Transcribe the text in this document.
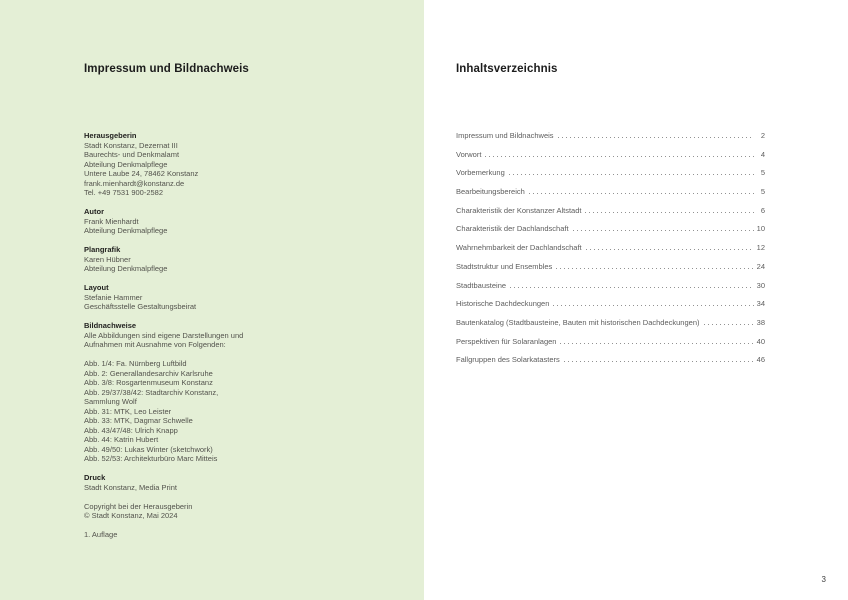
Impressum und Bildnachweis
Herausgeberin
Stadt Konstanz, Dezernat III
Baurechts- und Denkmalamt
Abteilung Denkmalpflege
Untere Laube 24, 78462 Konstanz
frank.mienhardt@konstanz.de
Tel. +49 7531 900-2582
Autor
Frank Mienhardt
Abteilung Denkmalpflege
Plangrafik
Karen Hübner
Abteilung Denkmalpflege
Layout
Stefanie Hammer
Geschäftsstelle Gestaltungsbeirat
Bildnachweise
Alle Abbildungen sind eigene Darstellungen und
Aufnahmen mit Ausnahme von Folgenden:
Abb. 1/4: Fa. Nürnberg Luftbild
Abb. 2: Generallandesarchiv Karlsruhe
Abb. 3/8: Rosgartenmuseum Konstanz
Abb. 29/37/38/42: Stadtarchiv Konstanz,
Sammlung Wolf
Abb. 31: MTK, Leo Leister
Abb. 33: MTK, Dagmar Schwelle
Abb. 43/47/48: Ulrich Knapp
Abb. 44: Katrin Hubert
Abb. 49/50: Lukas Winter (sketchwork)
Abb. 52/53: Architekturbüro Marc Mitteis
Druck
Stadt Konstanz, Media Print
Copyright bei der Herausgeberin
© Stadt Konstanz, Mai 2024
1. Auflage
Inhaltsverzeichnis
Impressum und Bildnachweis	2
Vorwort	4
Vorbemerkung	5
Bearbeitungsbereich	5
Charakteristik der Konstanzer Altstadt	6
Charakteristik der Dachlandschaft	10
Wahrnehmbarkeit der Dachlandschaft	12
Stadtstruktur und Ensembles	24
Stadtbausteine	30
Historische Dachdeckungen	34
Bautenkatalog (Stadtbausteine, Bauten mit historischen Dachdeckungen)	38
Perspektiven für Solaranlagen	40
Fallgruppen des Solarkatasters	46
3
